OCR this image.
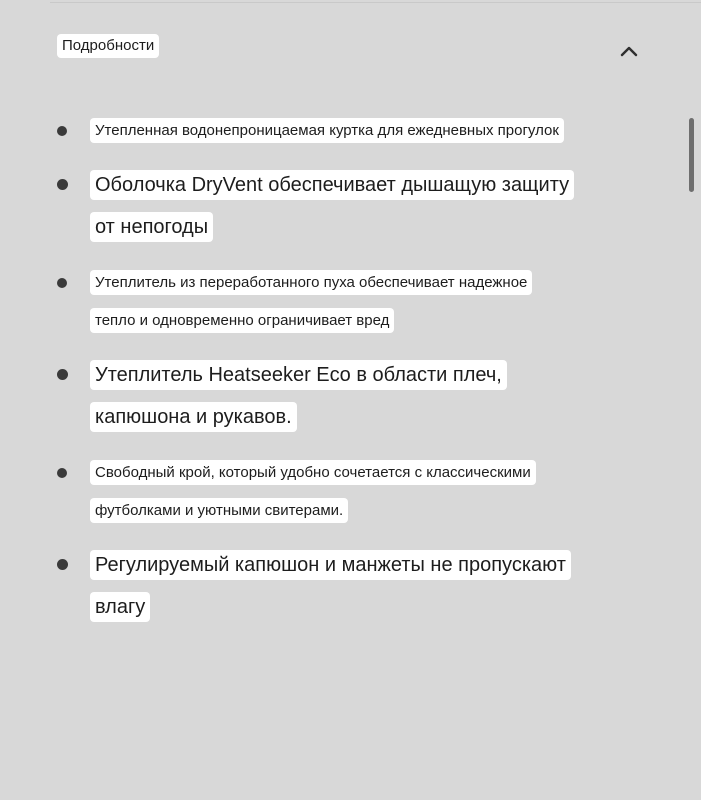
Подробности
Утепленная водонепроницаемая куртка для ежедневных прогулок
Оболочка DryVent обеспечивает дышащую защиту
от непогоды
Утеплитель из переработанного пуха обеспечивает надежное
тепло и одновременно ограничивает вред
Утеплитель Heatseeker Eco в области плеч,
капюшона и рукавов.
Свободный крой, который удобно сочетается с классическими
футболками и уютными свитерами.
Регулируемый капюшон и манжеты не пропускают
влагу
